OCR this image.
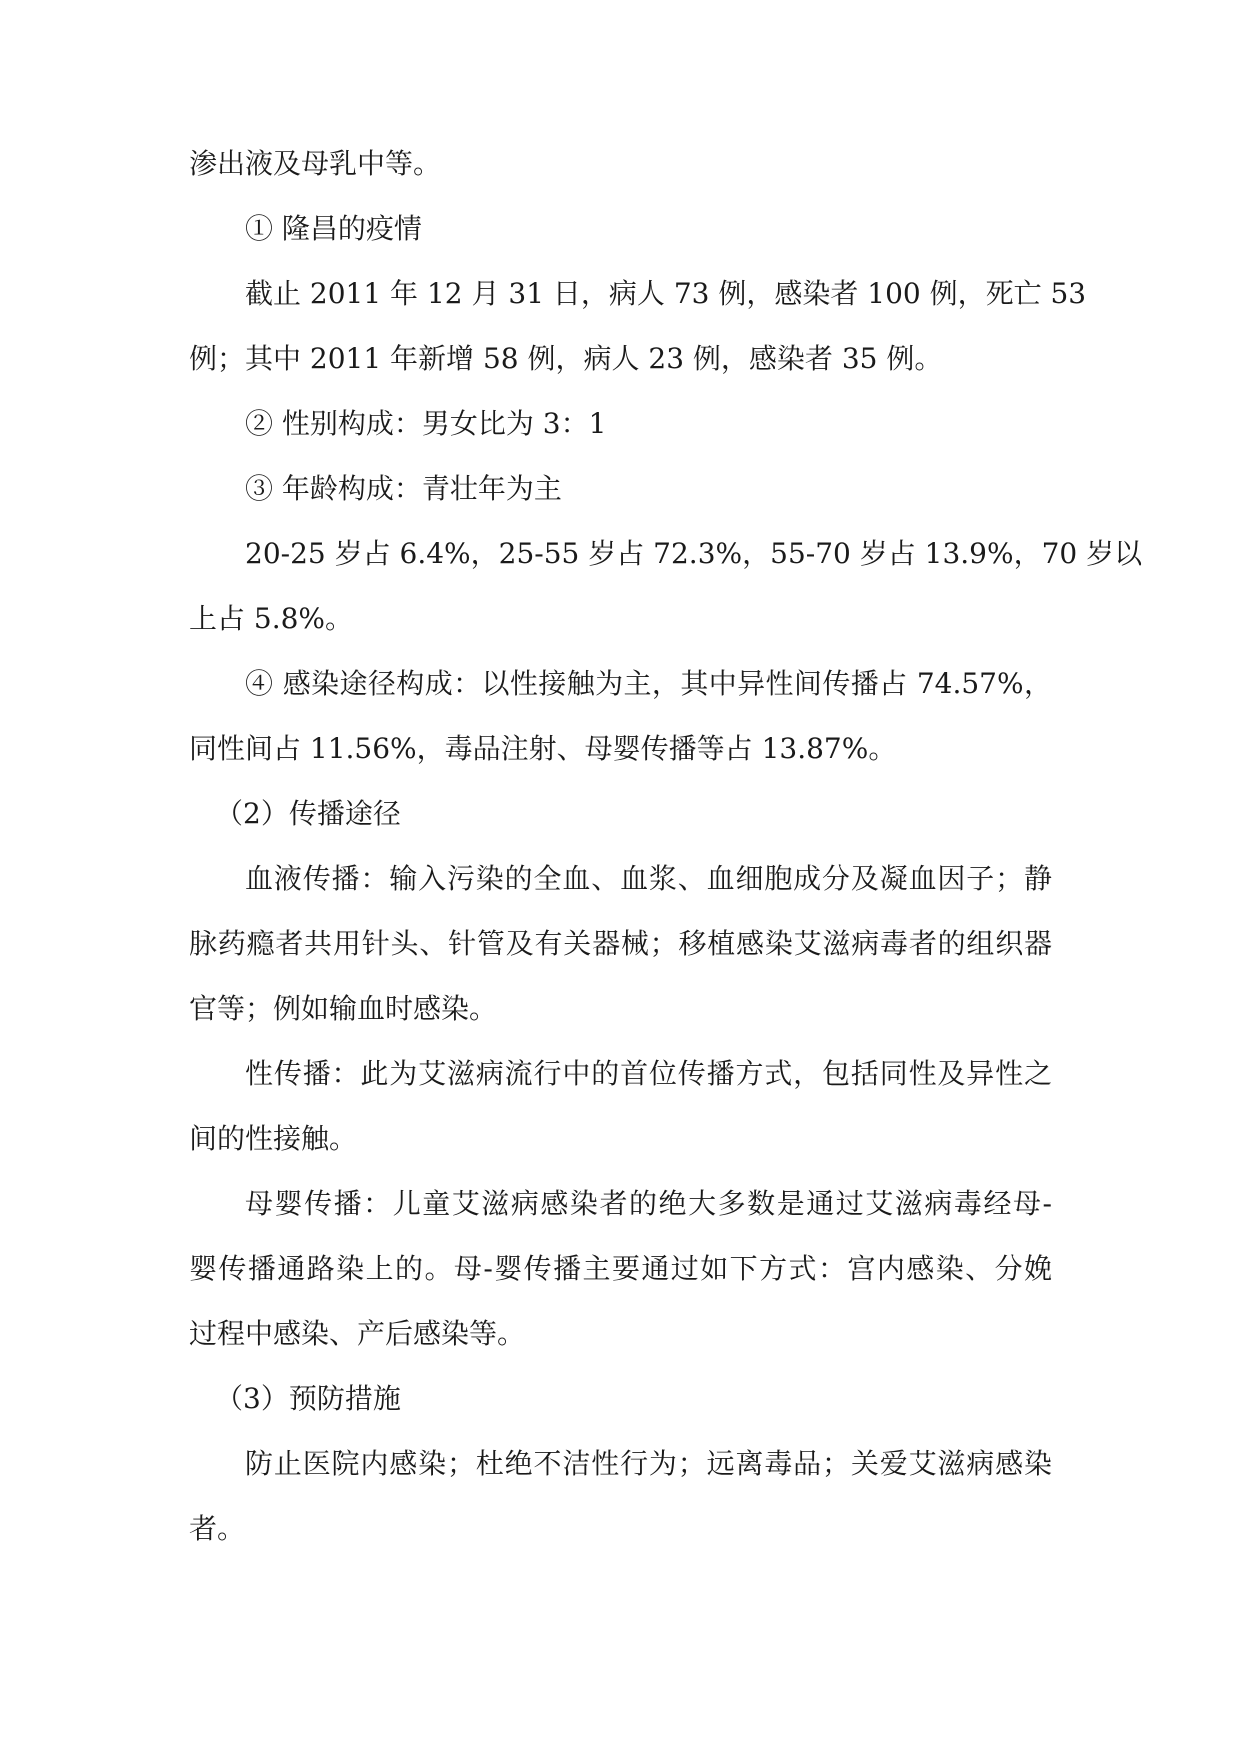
渗出液及母乳中等。
① 隆昌的疫情
截止 2011 年 12 月 31 日，病人 73 例，感染者 100 例，死亡 53
例；其中 2011 年新增 58 例，病人 23 例，感染者 35 例。
② 性别构成：男女比为 3：1
③ 年龄构成：青壮年为主
20-25 岁占 6.4%，25-55 岁占 72.3%，55-70 岁占 13.9%，70 岁以
上占 5.8%。
④ 感染途径构成：以性接触为主，其中异性间传播占 74.57%，
同性间占 11.56%，毒品注射、母婴传播等占 13.87%。
（2）传播途径
血液传播：输入污染的全血、血浆、血细胞成分及凝血因子；静
脉药瘾者共用针头、针管及有关器械；移植感染艾滋病毒者的组织器
官等；例如输血时感染。
性传播：此为艾滋病流行中的首位传播方式，包括同性及异性之
间的性接触。
母婴传播：儿童艾滋病感染者的绝大多数是通过艾滋病毒经母-
婴传播通路染上的。母-婴传播主要通过如下方式：宫内感染、分娩
过程中感染、产后感染等。
（3）预防措施
防止医院内感染；杜绝不洁性行为；远离毒品；关爱艾滋病感染
者。
